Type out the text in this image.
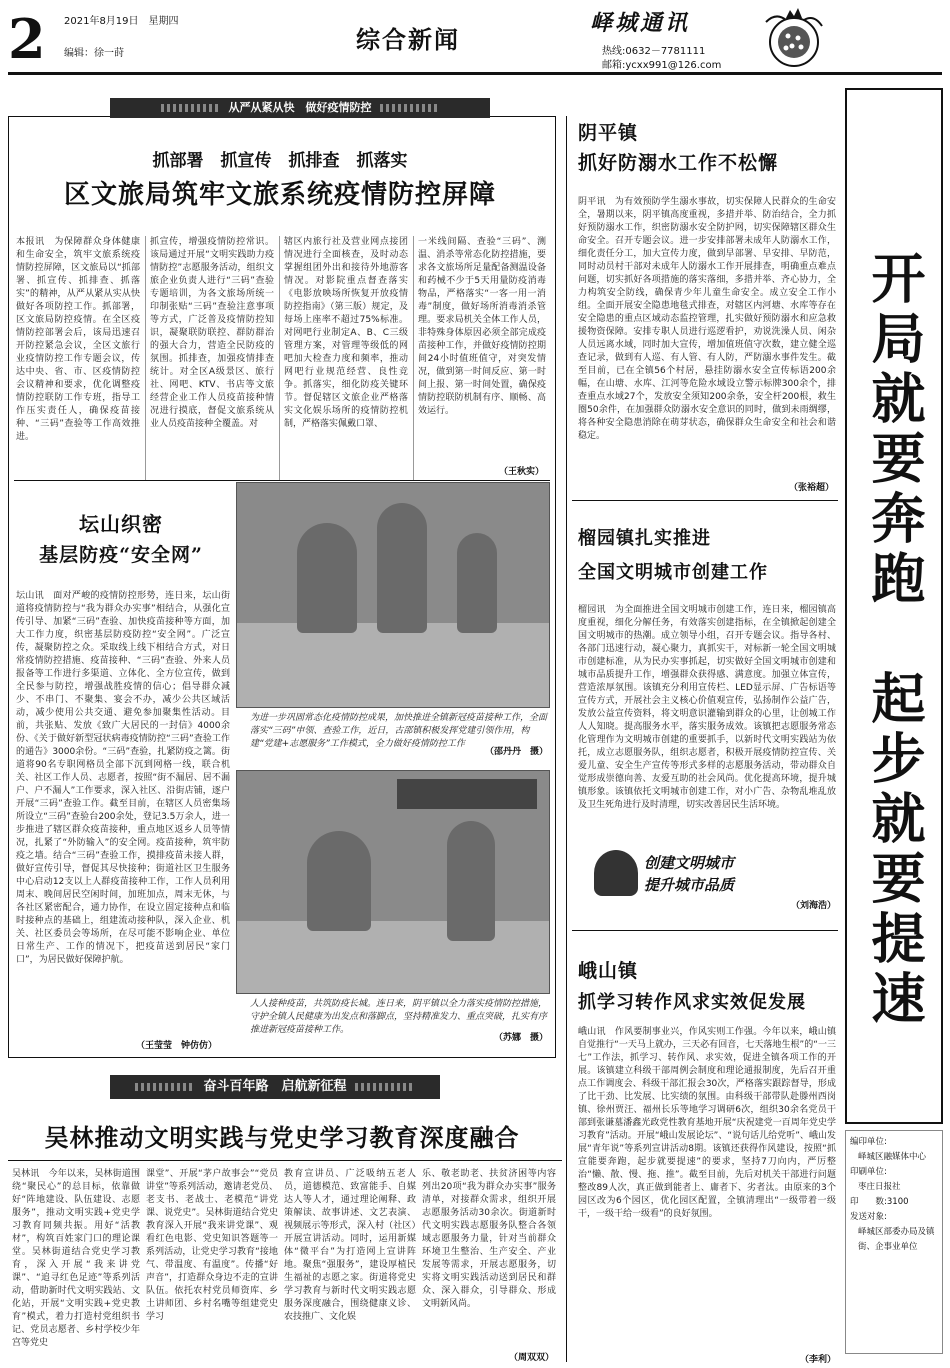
2	2021年8月19日　星期四
编辑：徐一莳	综合新闻
峄城通讯
热线:0632－7781111
邮箱:ycxx991@126.com
从严从紧从快　做好疫情防控
抓部署　抓宣传　抓排查　抓落实
区文旅局筑牢文旅系统疫情防控屏障
本报讯　为保障群众身体健康和生命安全，筑牢文旅系统疫情防控屏障，区文旅局以“抓部署、抓宣传、抓排查、抓落实”的精神，从严从紧从实从快做好各项防控工作。抓部署，区文旅局防控疫情。在全区疫情防控部署会后，该局迅速召开防控紧急会议，全区文旅行业疫情防控工作专题会议，传达中央、省、市、区疫情防控会议精神和要求，优化调整疫情防控联防工作专班，指导工作压实责任人，确保疫苗接种、“三码”查验等工作高效推进。
抓宣传，增强疫情防控常识。该局通过开展“文明实践助力疫情防控”志愿服务活动，组织文旅企业负责人进行“三码”查验专题培训，为各文旅场所统一印制张贴“三码”查验注意事项等方式，广泛普及疫情防控知识，凝聚联防联控、群防群治的强大合力，营造全民防疫的氛围。抓排查，加强疫情排查统计。对全区A级景区、旅行社、网吧、KTV、书店等文旅经营企业工作人员疫苗接种情况进行摸底，督促文旅系统从业人员疫苗接种全覆盖。对
辖区内旅行社及营业网点接团情况进行全面核查，及时动态掌握组团外出和接待外地游客情况。对影院重点督查落实《电影放映场所恢复开放疫情防控指南》（第三版）规定，及每场上座率不超过75%标准。对网吧行业制定A、B、C三级管理方案，对管理等级低的网吧加大检查力度和频率，推动网吧行业规范经营、良性竞争。抓落实，细化防疫关键环节。督促辖区文旅企业严格落实文化娱乐场所的疫情防控机制，严格落实佩戴口罩、
一米线间隔、查验“三码”、测温、消杀等常态化防控措施，要求各文旅场所足量配备测温设备和药械不少于5天用量防疫消毒物品，严格落实“一客一用一消毒”制度，做好场所消毒消杀管理。要求局机关全体工作人员，非特殊身体原因必须全部完成疫苗接种工作，并做好疫情防控期间24小时值班值守，对突发情况，做到第一时间反应、第一时间上报、第一时间处置，确保疫情防控联防机制有序、顺畅、高效运行。
（王秋实）
坛山织密
基层防疫“安全网”
坛山讯　面对严峻的疫情防控形势，连日来，坛山街道将疫情防控与“我为群众办实事”相结合，从强化宣传引导、加紧“三码”查验、加快疫苗接种等方面，加大工作力度，织密基层防疫防控“安全网”。广泛宣传，凝聚防控之众。采取线上线下相结合方式，对日常疫情防控措施、疫苗接种、“三码”查验、外来人员报备等工作进行多渠道、立体化、全方位宣传，做到全民参与防控，增强战胜疫情的信心；倡导群众减少、不串门、不聚集、宴会不办，减少公共区域活动，减少使用公共交通、避免参加聚集性活动。目前，共张贴、发放《致广大居民的一封信》4000余份、《关于做好新型冠状病毒疫情防控“三码”查验工作的通告》3000余份。“三码”查验，扎紧防疫之篱。街道将90名专职网格员全部下沉到网格一线，联合机关、社区工作人员、志愿者，按照“街不漏居、居不漏户、户不漏人”工作要求，深入社区、沿街店铺，逐户开展“三码”查验工作。截至目前，在辖区人员密集场所设立“三码”查验台200余处，登记3.5万余人，进一步推进了辖区群众疫苗接种，重点地区返乡人员等情况，扎紧了“外防输入”的安全网。疫苗接种，筑牢防疫之墙。结合“三码”查验工作，摸排疫苗未接人群，做好宣传引导，督促其尽快接种；街道社区卫生服务中心启动12支以上人群疫苗接种工作，工作人员利用周末、晚间居民空闲时间，加班加点，周末无休，与各社区紧密配合，通力协作，在设立固定接种点和临时接种点的基础上，组建流动接种队，深入企业、机关、社区委员会等场所，在尽可能不影响企业、单位日常生产、工作的情况下，把疫苗送到居民“家门口”，为居民做好保障护航。
（王莹莹　钟仿仿）
为进一步巩固常态化疫情防控成果，加快推进全镇新冠疫苗接种工作，全面落实“三码”申领、查验工作，近日，古邵镇积极发挥党建引领作用，构建“党建+志愿服务”工作模式，全力做好疫情防控工作
（邵丹丹　摄）
人人接种疫苗，共筑防疫长城。连日来，阴平镇以全力落实疫情防控措施，守护全镇人民健康为出发点和落脚点，坚持精准发力、重点突破，扎实有序推进新冠疫苗接种工作。
（苏娜　摄）
阴平镇
抓好防溺水工作不松懈
阴平讯　为有效预防学生溺水事故，切实保障人民群众的生命安全，暑期以来，阴平镇高度重视，多措并举、防治结合，全力抓好预防溺水工作，织密防溺水安全防护网，切实保障辖区群众生命安全。召开专题会议。进一步安排部署未成年人防溺水工作，细化责任分工，加大宣传力度，做到早部署、早安排、早防范，同时动员村干部对未成年人防溺水工作开展排查，明确重点难点问题，切实抓好各项措施的落实落细，多措并举、齐心协力，全力构筑安全防线，确保青少年儿童生命安全。成立安全工作小组。全面开展安全隐患地毯式排查，对辖区内河塘、水库等存在安全隐患的重点区域动态监控管理，扎实做好预防溺水和应急救援物资保障。安排专职人员进行巡逻看护，劝说洗澡人员、闲杂人员远离水域，同时加大宣传，增加值班值守次数，建立健全巡查记录，做到有人巡、有人管、有人防，严防溺水事件发生。截至目前，已在全镇56个村居，悬挂防溺水安全宣传标语200余幅，在山塘、水库、江河等危险水域设立警示标牌300余个，排查重点水域27个，发放安全须知200余条，安全杆200根，救生圈50余件，在加强群众防溺水安全意识的同时，做到未雨绸缪，将各种安全隐患消除在萌芽状态，确保群众生命安全和社会和谐稳定。
（张裕超）
榴园镇扎实推进
全国文明城市创建工作
榴园讯　为全面推进全国文明城市创建工作，连日来，榴园镇高度重视，细化分解任务，有效落实创建指标，在全镇掀起创建全国文明城市的热潮。成立领导小组，召开专题会议。指导各村、各部门迅速行动，凝心聚力，真抓实干，对标新一轮全国文明城市创建标准，从为民办实事抓起，切实做好全国文明城市创建和城市品质提升工作，增强群众获得感、满意度。加强立体宣传，营造浓厚氛围。该镇充分利用宣传栏、LED显示屏、广告标语等宣传方式，开展社会主义核心价值观宣传，弘扬制作公益广告，发放公益宣传资料，将文明意识灌输到群众的心里，让创城工作人人知晓。提高服务水平，落实服务成效。该镇把志愿服务常态化管理作为文明城市创建的重要抓手，以新时代文明实践站为依托，成立志愿服务队，组织志愿者，积极开展疫情防控宣传、关爱儿童、安全生产宣传等形式多样的志愿服务活动，带动群众自觉形成崇德向善、友爱互助的社会风尚。优化提高环境，提升城镇形象。该镇依托文明城市创建工作，对小广告、杂物乱堆乱放及卫生死角进行及时清理，切实改善居民生活环境。
创建文明城市
提升城市品质
（刘海浩）
峨山镇
抓学习转作风求实效促发展
峨山讯　作风要制事业兴，作风实则工作强。今年以来，峨山镇自觉推行“一天马上就办，三天必有回音，七天落地生根”的“一三七”工作法，抓学习、转作风、求实效，促进全镇各项工作的开展。该镇建立科级干部周例会制度和理论通报制度，先后召开重点工作调度会、科级干部汇报会30次，严格落实跟踪督导，形成了比干劲、比发展、比实绩的氛围。由科级干部带队赴滕州西岗镇、徐州贾汪、福州长乐等地学习调研6次，组织30余名党员干部到张谦墓潘鑫光政党性教育基地开展“庆祝建党一百周年党史学习教育”活动。开展“峨山发展论坛”、“说句话儿给党听”、峨山发展“青年说”等系列宣讲活动8期。该镇还获得作风建设，按照“抓宣能要奔跑，起步就要提速”的要求，坚持7刀向内，严厉整治“懒、散、慢、拖、推”。截至目前，先后对机关干部进行问题整改89人次，真正做到能者上、庸者下、劣者汰。由原来的3个园区改为6个园区，优化园区配置，全镇清理出“一级带着一级干，一级干给一级看”的良好氛围。
（李利）
奋斗百年路　启航新征程
吴林推动文明实践与党史学习教育深度融合
吴林讯　今年以来，吴林街道围绕“聚民心”的总目标，依靠做好“阵地建设、队伍建设、志愿服务”，推动文明实践+党史学习教育同频共振。用好“活教材”，构筑百姓家门口的理论课堂。吴林街道结合党史学习教育，深入开展“我来讲党课”、“追寻红色足迹”等系列活动，借助新时代文明实践站、文化站，开展“文明实践+党史教育”模式，着力打造村党组织书记、党员志愿者、乡村学校少年宫等党史
课堂”、开展“茅户故事会”“党员讲堂”等系列活动，邀请老党员、老支书、老战士、老模范“讲党课、说党史”。吴林街道结合党史教育深入开展“我来讲党课”、观看红色电影、党史知识答题等一系列活动，让党史学习教育“接地气、带温度、有温度”。传播“好声音”，打造群众身边不走的宣讲队伍。依托农村党员师资库、乡土讲师团、乡村名嘴等组建党史学习
教育宣讲员、广泛吸纳五老人员，道德模范、致富能手、自媒达人等人才，通过理论阐释、政策解读、故事讲述、文艺表演、视频展示等形式，深入村（社区）开展宣讲活动。同时，运用新媒体“微平台”为打造网上宣讲阵地。聚焦“强服务”，建设厚植民生福祉的志愿之家。街道将党史学习教育与新时代文明实践志愿服务深度融合，围绕健康义诊、农技推广、文化娱
乐、敬老助老、扶贫济困等内容列出20项“我为群众办实事”服务清单，对接群众需求，组织开展志愿服务活动30余次。街道新时代文明实践志愿服务队整合各领域志愿服务力量，针对当前群众环境卫生整治、生产安全、产业发展等需求，开展志愿服务，切实将文明实践活动送到居民和群众、深入群众，引导群众、形成文明新风尚。
（周双双）
开局就要奔跑　起步就要提速
编印单位:
峄城区融媒体中心
印刷单位:
枣庄日报社
印　　数:3100
发送对象:
峄城区部委办局及镇街、企事业单位
